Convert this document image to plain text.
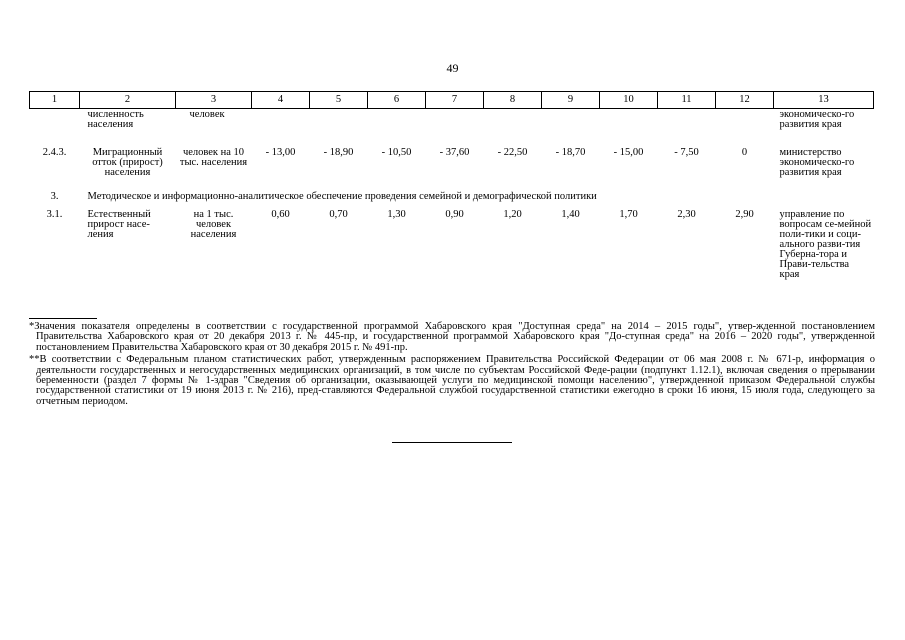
49
1	2	3	4	5	6	7	8	9	10	11	12	13
	численность населения	человек										экономическо-го развития края
2.4.3.	Миграционный отток (прирост) населения	человек на 10 тыс. населения	- 13,00	- 18,90	- 10,50	- 37,60	- 22,50	- 18,70	- 15,00	- 7,50	0	министерство экономическо-го развития края
3.	Методическое и информационно-аналитическое обеспечение проведения семейной и демографической политики											
3.1.	Естественный прирост насе-ления	на 1 тыс. человек населения	0,60	0,70	1,30	0,90	1,20	1,40	1,70	2,30	2,90	управление по вопросам се-мейной поли-тики и соци-ального разви-тия Губерна-тора и Прави-тельства края

*Значения показателя определены в соответствии с государственной программой Хабаровского края "Доступная среда" на 2014 – 2015 годы", утвер-жденной постановлением Правительства Хабаровского края от 20 декабря 2013 г. № 445-пр, и государственной программой Хабаровского края "До-ступная среда" на 2016 – 2020 годы", утвержденной постановлением Правительства Хабаровского края от 30 декабря 2015 г. № 491-пр.

**В соответствии с Федеральным планом статистических работ, утвержденным распоряжением Правительства Российской Федерации от 06 мая 2008 г. № 671-р, информация о деятельности государственных и негосударственных медицинских организаций, в том числе по субъектам Российской Феде-рации (подпункт 1.12.1), включая сведения о прерывании беременности (раздел 7 формы № 1-здрав "Сведения об организации, оказывающей услуги по медицинской помощи населению", утвержденной приказом Федеральной службы государственной статистики от 19 июня 2013 г. № 216), пред-ставляются Федеральной службой государственной статистики ежегодно в сроки 16 июня, 15 июля года, следующего за отчетным периодом.
